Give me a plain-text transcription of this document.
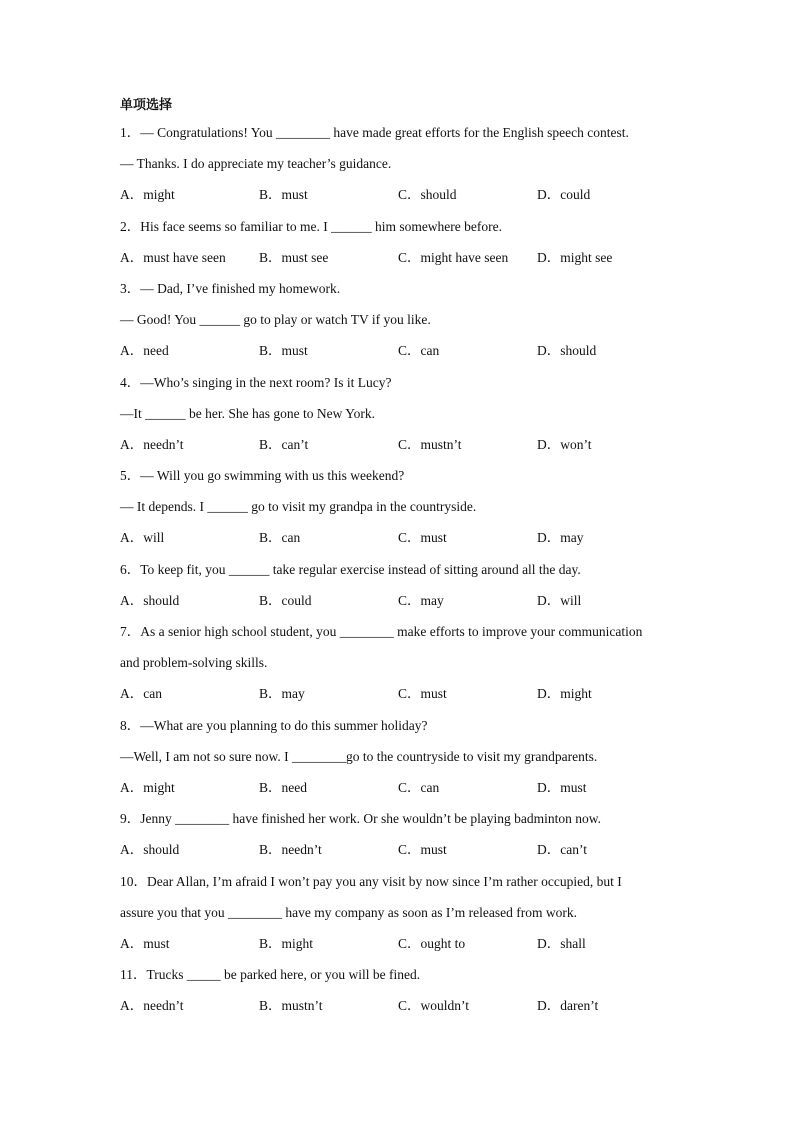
单项选择
1．— Congratulations! You ________ have made great efforts for the English speech contest.
— Thanks. I do appreciate my teacher’s guidance.
A．might	B．must	C．should	D．could
2．His face seems so familiar to me. I ______ him somewhere before.
A．must have seen	B．must see	C．might have seen	D．might see
3．— Dad, I’ve finished my homework.
— Good! You ______ go to play or watch TV if you like.
A．need	B．must	C．can	D．should
4．—Who’s singing in the next room? Is it Lucy?
—It ______ be her. She has gone to New York.
A．needn’t	B．can’t	C．mustn’t	D．won’t
5．— Will you go swimming with us this weekend?
— It depends. I ______ go to visit my grandpa in the countryside.
A．will	B．can	C．must	D．may
6．To keep fit, you ______ take regular exercise instead of sitting around all the day.
A．should	B．could	C．may	D．will
7．As a senior high school student, you ________ make efforts to improve your communication
and problem-solving skills.
A．can	B．may	C．must	D．might
8．—What are you planning to do this summer holiday?
—Well, I am not so sure now. I ________go to the countryside to visit my grandparents.
A．might	B．need	C．can	D．must
9．Jenny ________ have finished her work. Or she wouldn’t be playing badminton now.
A．should	B．needn’t	C．must	D．can’t
10．Dear Allan, I’m afraid I won’t pay you any visit by now since I’m rather occupied, but I
assure you that you ________ have my company as soon as I’m released from work.
A．must	B．might	C．ought to	D．shall
11．Trucks _____ be parked here, or you will be fined.
A．needn’t	B．mustn’t	C．wouldn’t	D．daren’t
